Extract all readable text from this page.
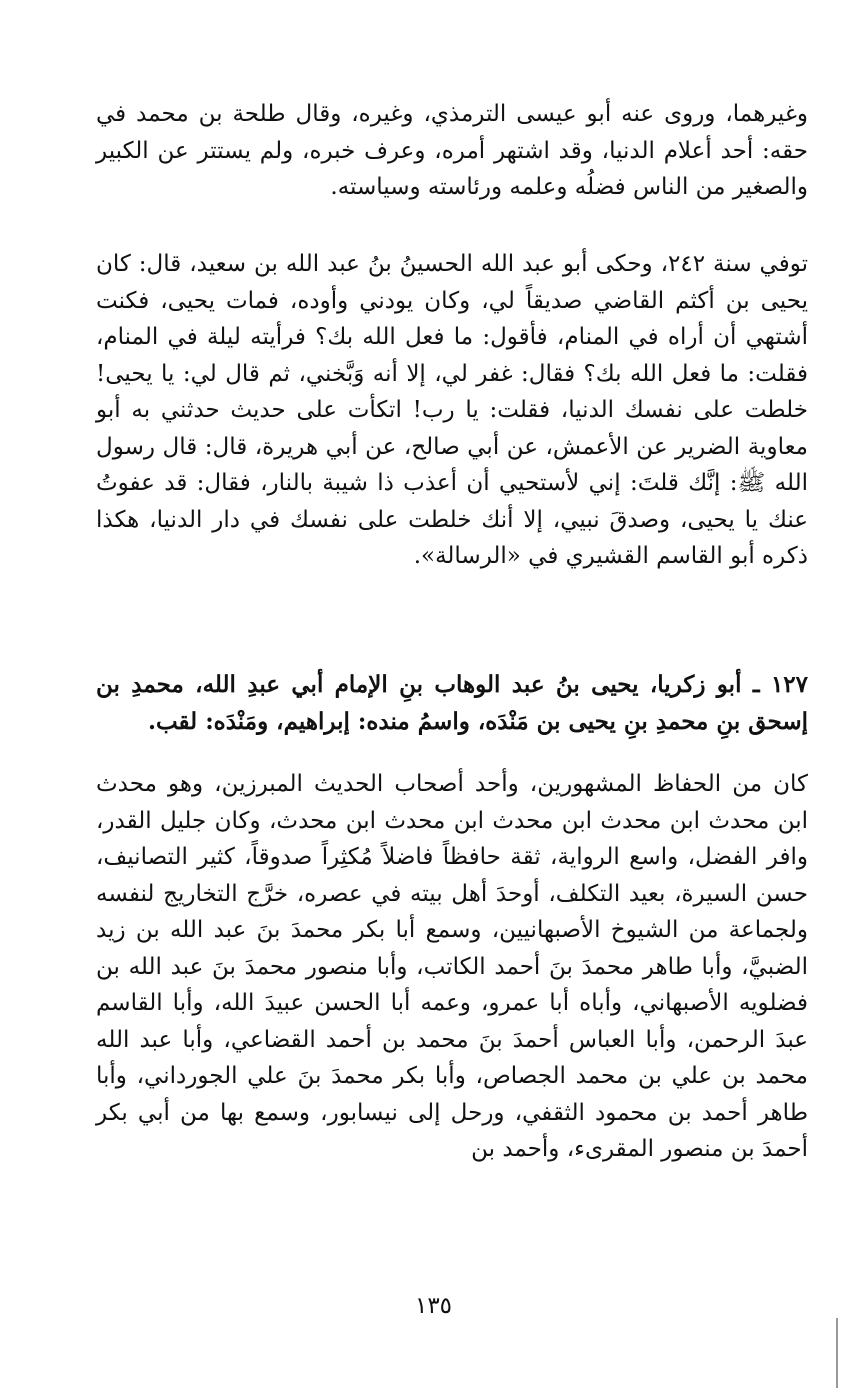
وغيرهما، وروى عنه أبو عيسى الترمذي، وغيره، وقال طلحة بن محمد في حقه: أحد أعلام الدنيا، وقد اشتهر أمره، وعرف خبره، ولم يستتر عن الكبير والصغير من الناس فضلُه وعلمه ورئاسته وسياسته.

توفي سنة ٢٤٢، وحكى أبو عبد الله الحسينُ بنُ عبد الله بن سعيد، قال: كان يحيى بن أكثم القاضي صديقاً لي، وكان يودني وأوده، فمات يحيى، فكنت أشتهي أن أراه في المنام، فأقول: ما فعل الله بك؟ فرأيته ليلة في المنام، فقلت: ما فعل الله بك؟ فقال: غفر لي، إلا أنه وَبَّخني، ثم قال لي: يا يحيى! خلطت على نفسك الدنيا، فقلت: يا رب! اتكأت على حديث حدثني به أبو معاوية الضرير عن الأعمش، عن أبي صالح، عن أبي هريرة، قال: قال رسول الله ﷺ: إنَّك قلتَ: إني لأستحيي أن أعذب ذا شيبة بالنار، فقال: قد عفوتُ عنك يا يحيى، وصدقَ نبيي، إلا أنك خلطت على نفسك في دار الدنيا، هكذا ذكره أبو القاسم القشيري في «الرسالة».

١٢٧ ـ أبو زكريا، يحيى بنُ عبد الوهاب بنِ الإمام أبي عبدِ الله، محمدِ بن إسحق بنِ محمدِ بنِ يحيى بن مَنْدَه، واسمُ منده: إبراهيم، ومَنْدَه: لقب.

كان من الحفاظ المشهورين، وأحد أصحاب الحديث المبرزين، وهو محدث ابن محدث ابن محدث ابن محدث ابن محدث ابن محدث، وكان جليل القدر، وافر الفضل، واسع الرواية، ثقة حافظاً فاضلاً مُكثِراً صدوقاً، كثير التصانيف، حسن السيرة، بعيد التكلف، أوحدَ أهل بيته في عصره، خرَّج التخاريج لنفسه ولجماعة من الشيوخ الأصبهانيين، وسمع أبا بكر محمدَ بنَ عبد الله بن زيد الضبيَّ، وأبا طاهر محمدَ بنَ أحمد الكاتب، وأبا منصور محمدَ بنَ عبد الله بن فضلويه الأصبهاني، وأباه أبا عمرو، وعمه أبا الحسن عبيدَ الله، وأبا القاسم عبدَ الرحمن، وأبا العباس أحمدَ بنَ محمد بن أحمد القضاعي، وأبا عبد الله محمد بن علي بن محمد الجصاص، وأبا بكر محمدَ بنَ علي الجورداني، وأبا طاهر أحمد بن محمود الثقفي، ورحل إلى نيسابور، وسمع بها من أبي بكر أحمدَ بن منصور المقرىء، وأحمد بن

١٣٥
